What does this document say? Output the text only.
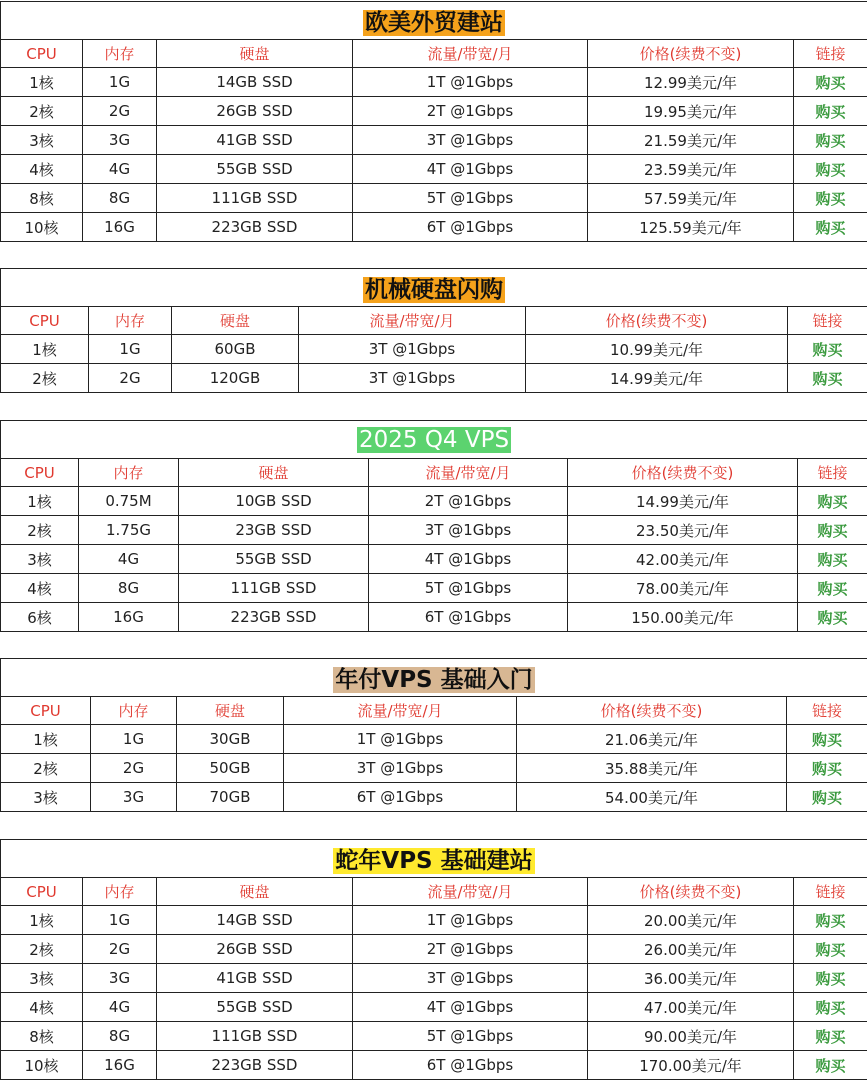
欧美外贸建站					
CPU	内存	硬盘	流量/带宽/月	价格(续费不变)	链接
1核	1G	14GB SSD	1T @1Gbps	12.99美元/年	购买
2核	2G	26GB SSD	2T @1Gbps	19.95美元/年	购买
3核	3G	41GB SSD	3T @1Gbps	21.59美元/年	购买
4核	4G	55GB SSD	4T @1Gbps	23.59美元/年	购买
8核	8G	111GB SSD	5T @1Gbps	57.59美元/年	购买
10核	16G	223GB SSD	6T @1Gbps	125.59美元/年	购买
机械硬盘闪购					
CPU	内存	硬盘	流量/带宽/月	价格(续费不变)	链接
1核	1G	60GB	3T @1Gbps	10.99美元/年	购买
2核	2G	120GB	3T @1Gbps	14.99美元/年	购买
2025 Q4 VPS					
CPU	内存	硬盘	流量/带宽/月	价格(续费不变)	链接
1核	0.75M	10GB SSD	2T @1Gbps	14.99美元/年	购买
2核	1.75G	23GB SSD	3T @1Gbps	23.50美元/年	购买
3核	4G	55GB SSD	4T @1Gbps	42.00美元/年	购买
4核	8G	111GB SSD	5T @1Gbps	78.00美元/年	购买
6核	16G	223GB SSD	6T @1Gbps	150.00美元/年	购买
年付VPS 基础入门					
CPU	内存	硬盘	流量/带宽/月	价格(续费不变)	链接
1核	1G	30GB	1T @1Gbps	21.06美元/年	购买
2核	2G	50GB	3T @1Gbps	35.88美元/年	购买
3核	3G	70GB	6T @1Gbps	54.00美元/年	购买
蛇年VPS 基础建站					
CPU	内存	硬盘	流量/带宽/月	价格(续费不变)	链接
1核	1G	14GB SSD	1T @1Gbps	20.00美元/年	购买
2核	2G	26GB SSD	2T @1Gbps	26.00美元/年	购买
3核	3G	41GB SSD	3T @1Gbps	36.00美元/年	购买
4核	4G	55GB SSD	4T @1Gbps	47.00美元/年	购买
8核	8G	111GB SSD	5T @1Gbps	90.00美元/年	购买
10核	16G	223GB SSD	6T @1Gbps	170.00美元/年	购买
